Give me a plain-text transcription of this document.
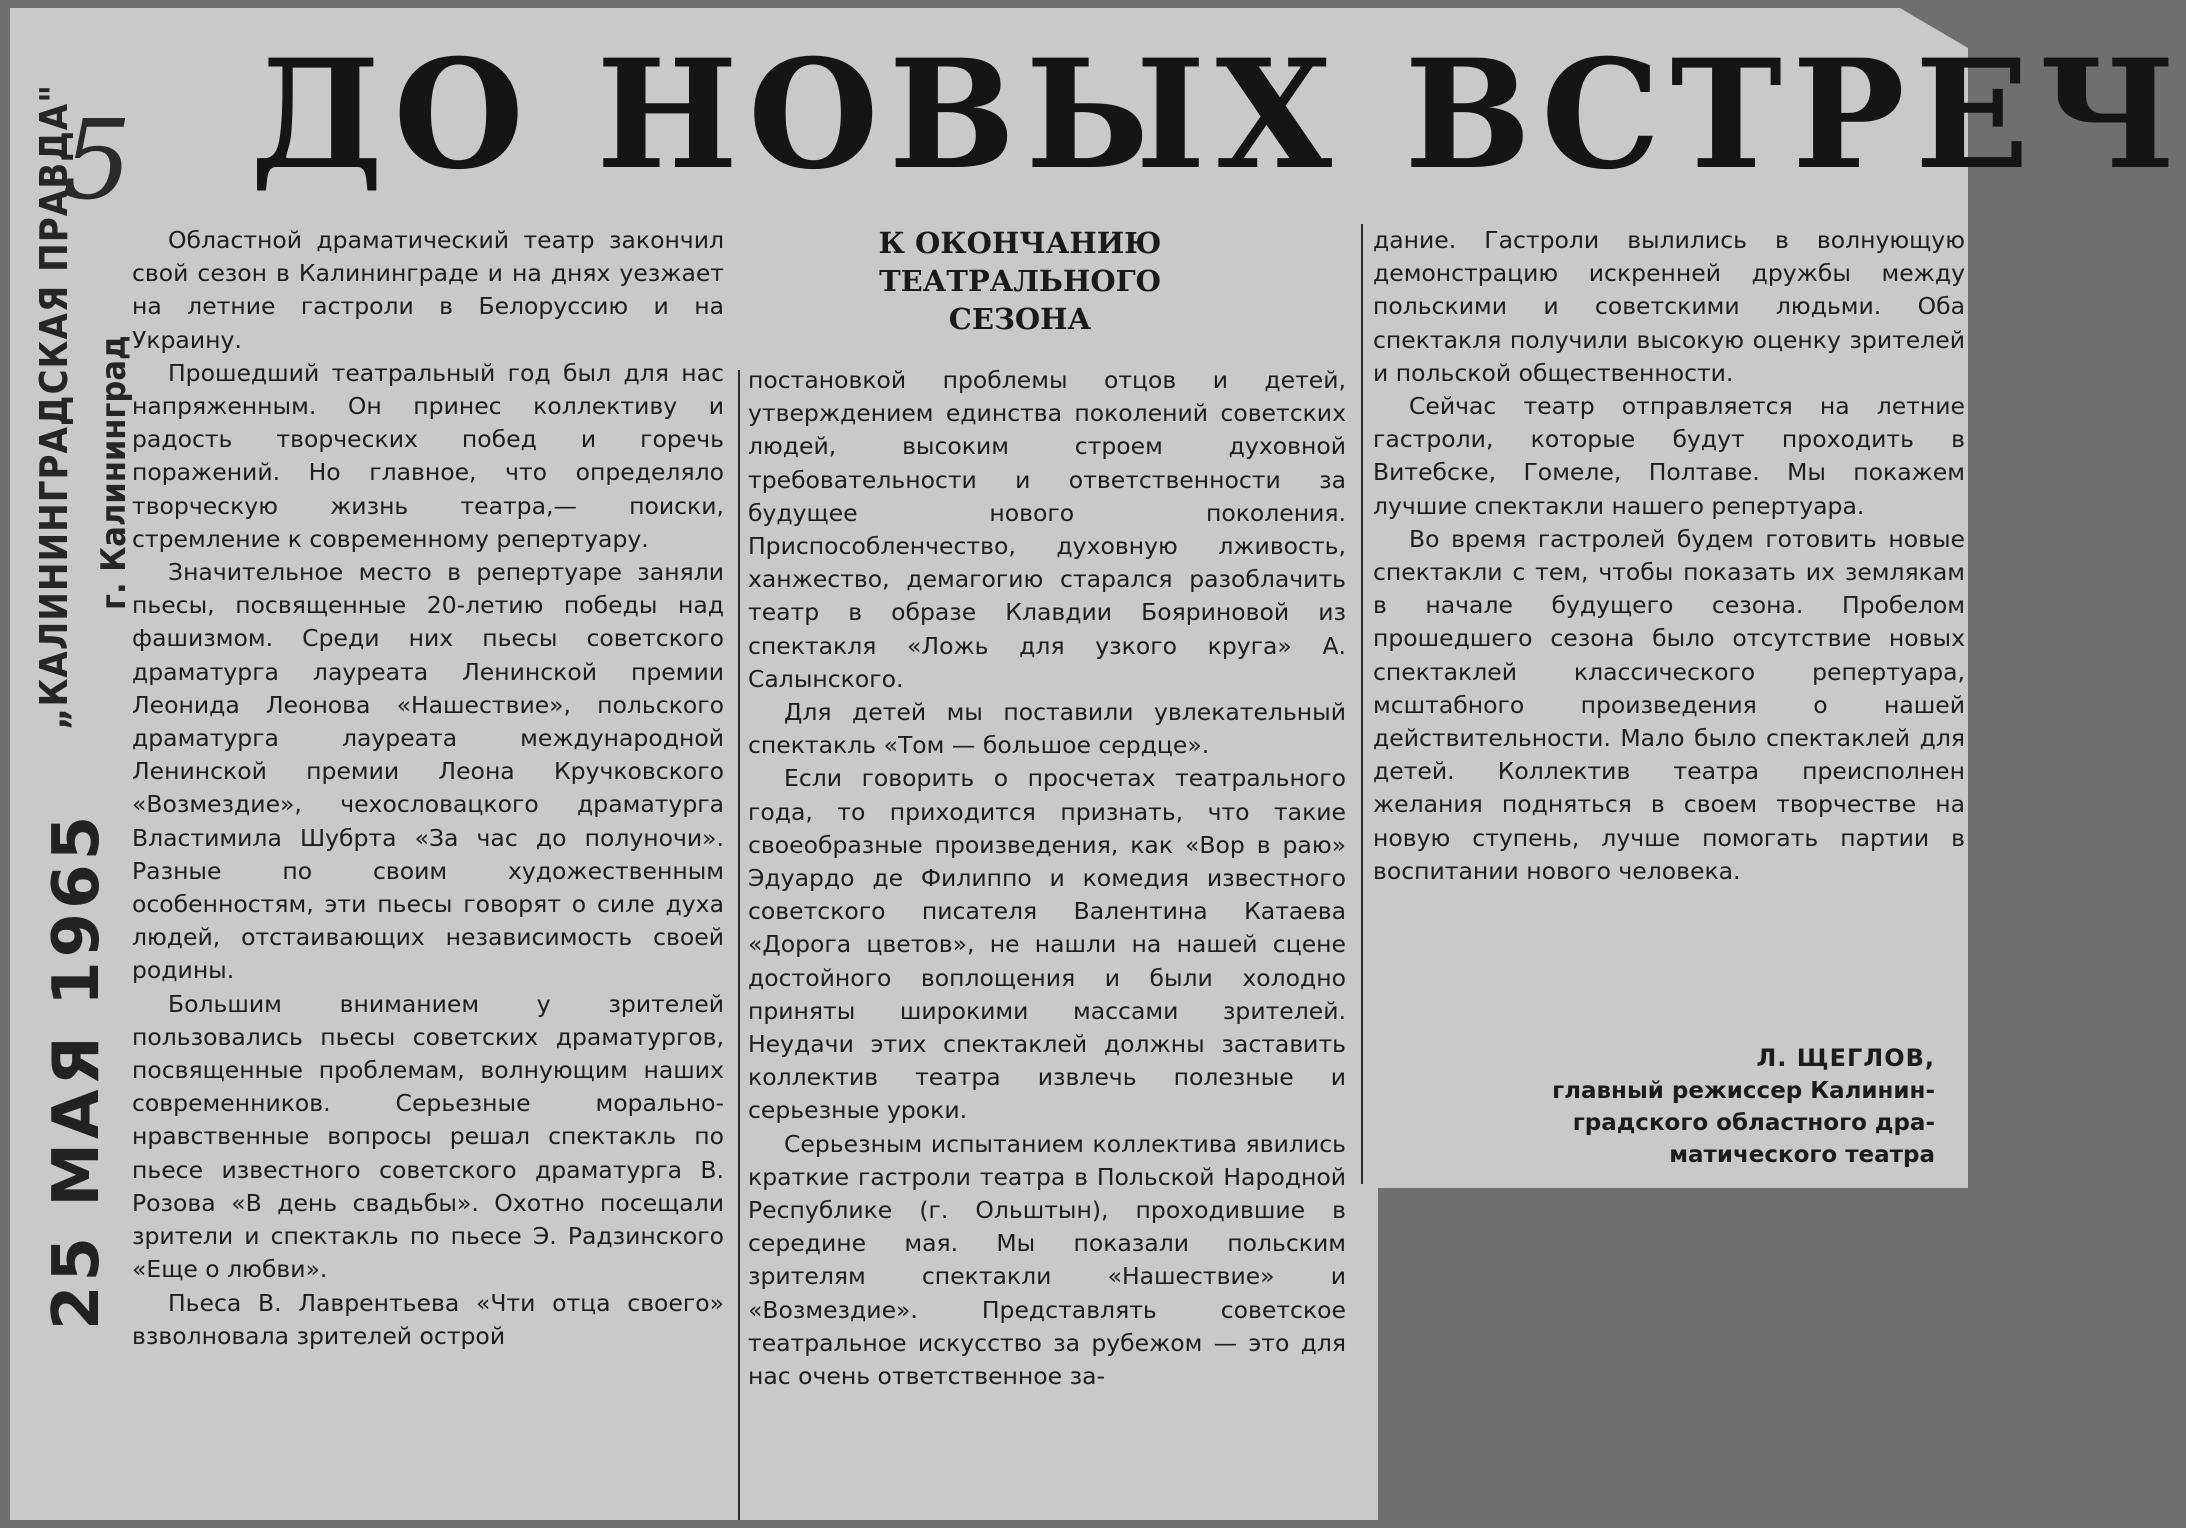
5
„КАЛИНИНГРАДСКАЯ ПРАВДА" г. Калининград
25 МАЯ 1965
ДО НОВЫХ ВСТРЕЧ
К ОКОНЧАНИЮ
ТЕАТРАЛЬНОГО
СЕЗОНА

Областной драматический театр закончил свой сезон в Калининграде и на днях уезжает на летние гастроли в Белоруссию и на Украину.

Прошедший театральный год был для нас напряженным. Он принес коллективу и радость творческих побед и горечь поражений. Но главное, что определяло творческую жизнь театра,— поиски, стремление к современному репертуару.

Значительное место в репертуаре заняли пьесы, посвященные 20-летию победы над фашизмом. Среди них пьесы советского драматурга лауреата Ленинской премии Леонида Леонова «Нашествие», польского драматурга лауреата международной Ленинской премии Леона Кручковского «Возмездие», чехословацкого драматурга Властимила Шубрта «За час до полуночи». Разные по своим художественным особенностям, эти пьесы говорят о силе духа людей, отстаивающих независимость своей родины.

Большим вниманием у зрителей пользовались пьесы советских драматургов, посвященные проблемам, волнующим наших современников. Серьезные морально-нравственные вопросы решал спектакль по пьесе известного советского драматурга В. Розова «В день свадьбы». Охотно посещали зрители и спектакль по пьесе Э. Радзинского «Еще о любви».

Пьеса В. Лаврентьева «Чти отца своего» взволновала зрителей острой

постановкой проблемы отцов и детей, утверждением единства поколений советских людей, высоким строем духовной требовательности и ответственности за будущее нового поколения. Приспособленчество, духовную лживость, ханжество, демагогию старался разоблачить театр в образе Клавдии Бояриновой из спектакля «Ложь для узкого круга» А. Салынского.

Для детей мы поставили увлекательный спектакль «Том — большое сердце».

Если говорить о просчетах театрального года, то приходится признать, что такие своеобразные произведения, как «Вор в раю» Эдуардо де Филиппо и комедия известного советского писателя Валентина Катаева «Дорога цветов», не нашли на нашей сцене достойного воплощения и были холодно приняты широкими массами зрителей. Неудачи этих спектаклей должны заставить коллектив театра извлечь полезные и серьезные уроки.

Серьезным испытанием коллектива явились краткие гастроли театра в Польской Народной Республике (г. Ольштын), проходившие в середине мая. Мы показали польским зрителям спектакли «Нашествие» и «Возмездие». Представлять советское театральное искусство за рубежом — это для нас очень ответственное за-

дание. Гастроли вылились в волнующую демонстрацию искренней дружбы между польскими и советскими людьми. Оба спектакля получили высокую оценку зрителей и польской общественности.

Сейчас театр отправляется на летние гастроли, которые будут проходить в Витебске, Гомеле, Полтаве. Мы покажем лучшие спектакли нашего репертуара.

Во время гастролей будем готовить новые спектакли с тем, чтобы показать их землякам в начале будущего сезона. Пробелом прошедшего сезона было отсутствие новых спектаклей классического репертуара, мсштабного произведения о нашей действительности. Мало было спектаклей для детей. Коллектив театра преисполнен желания подняться в своем творчестве на новую ступень, лучше помогать партии в воспитании нового человека.

Л. ЩЕГЛОВ,
главный режиссер Калинин-
градского областного дра-
матического театра
